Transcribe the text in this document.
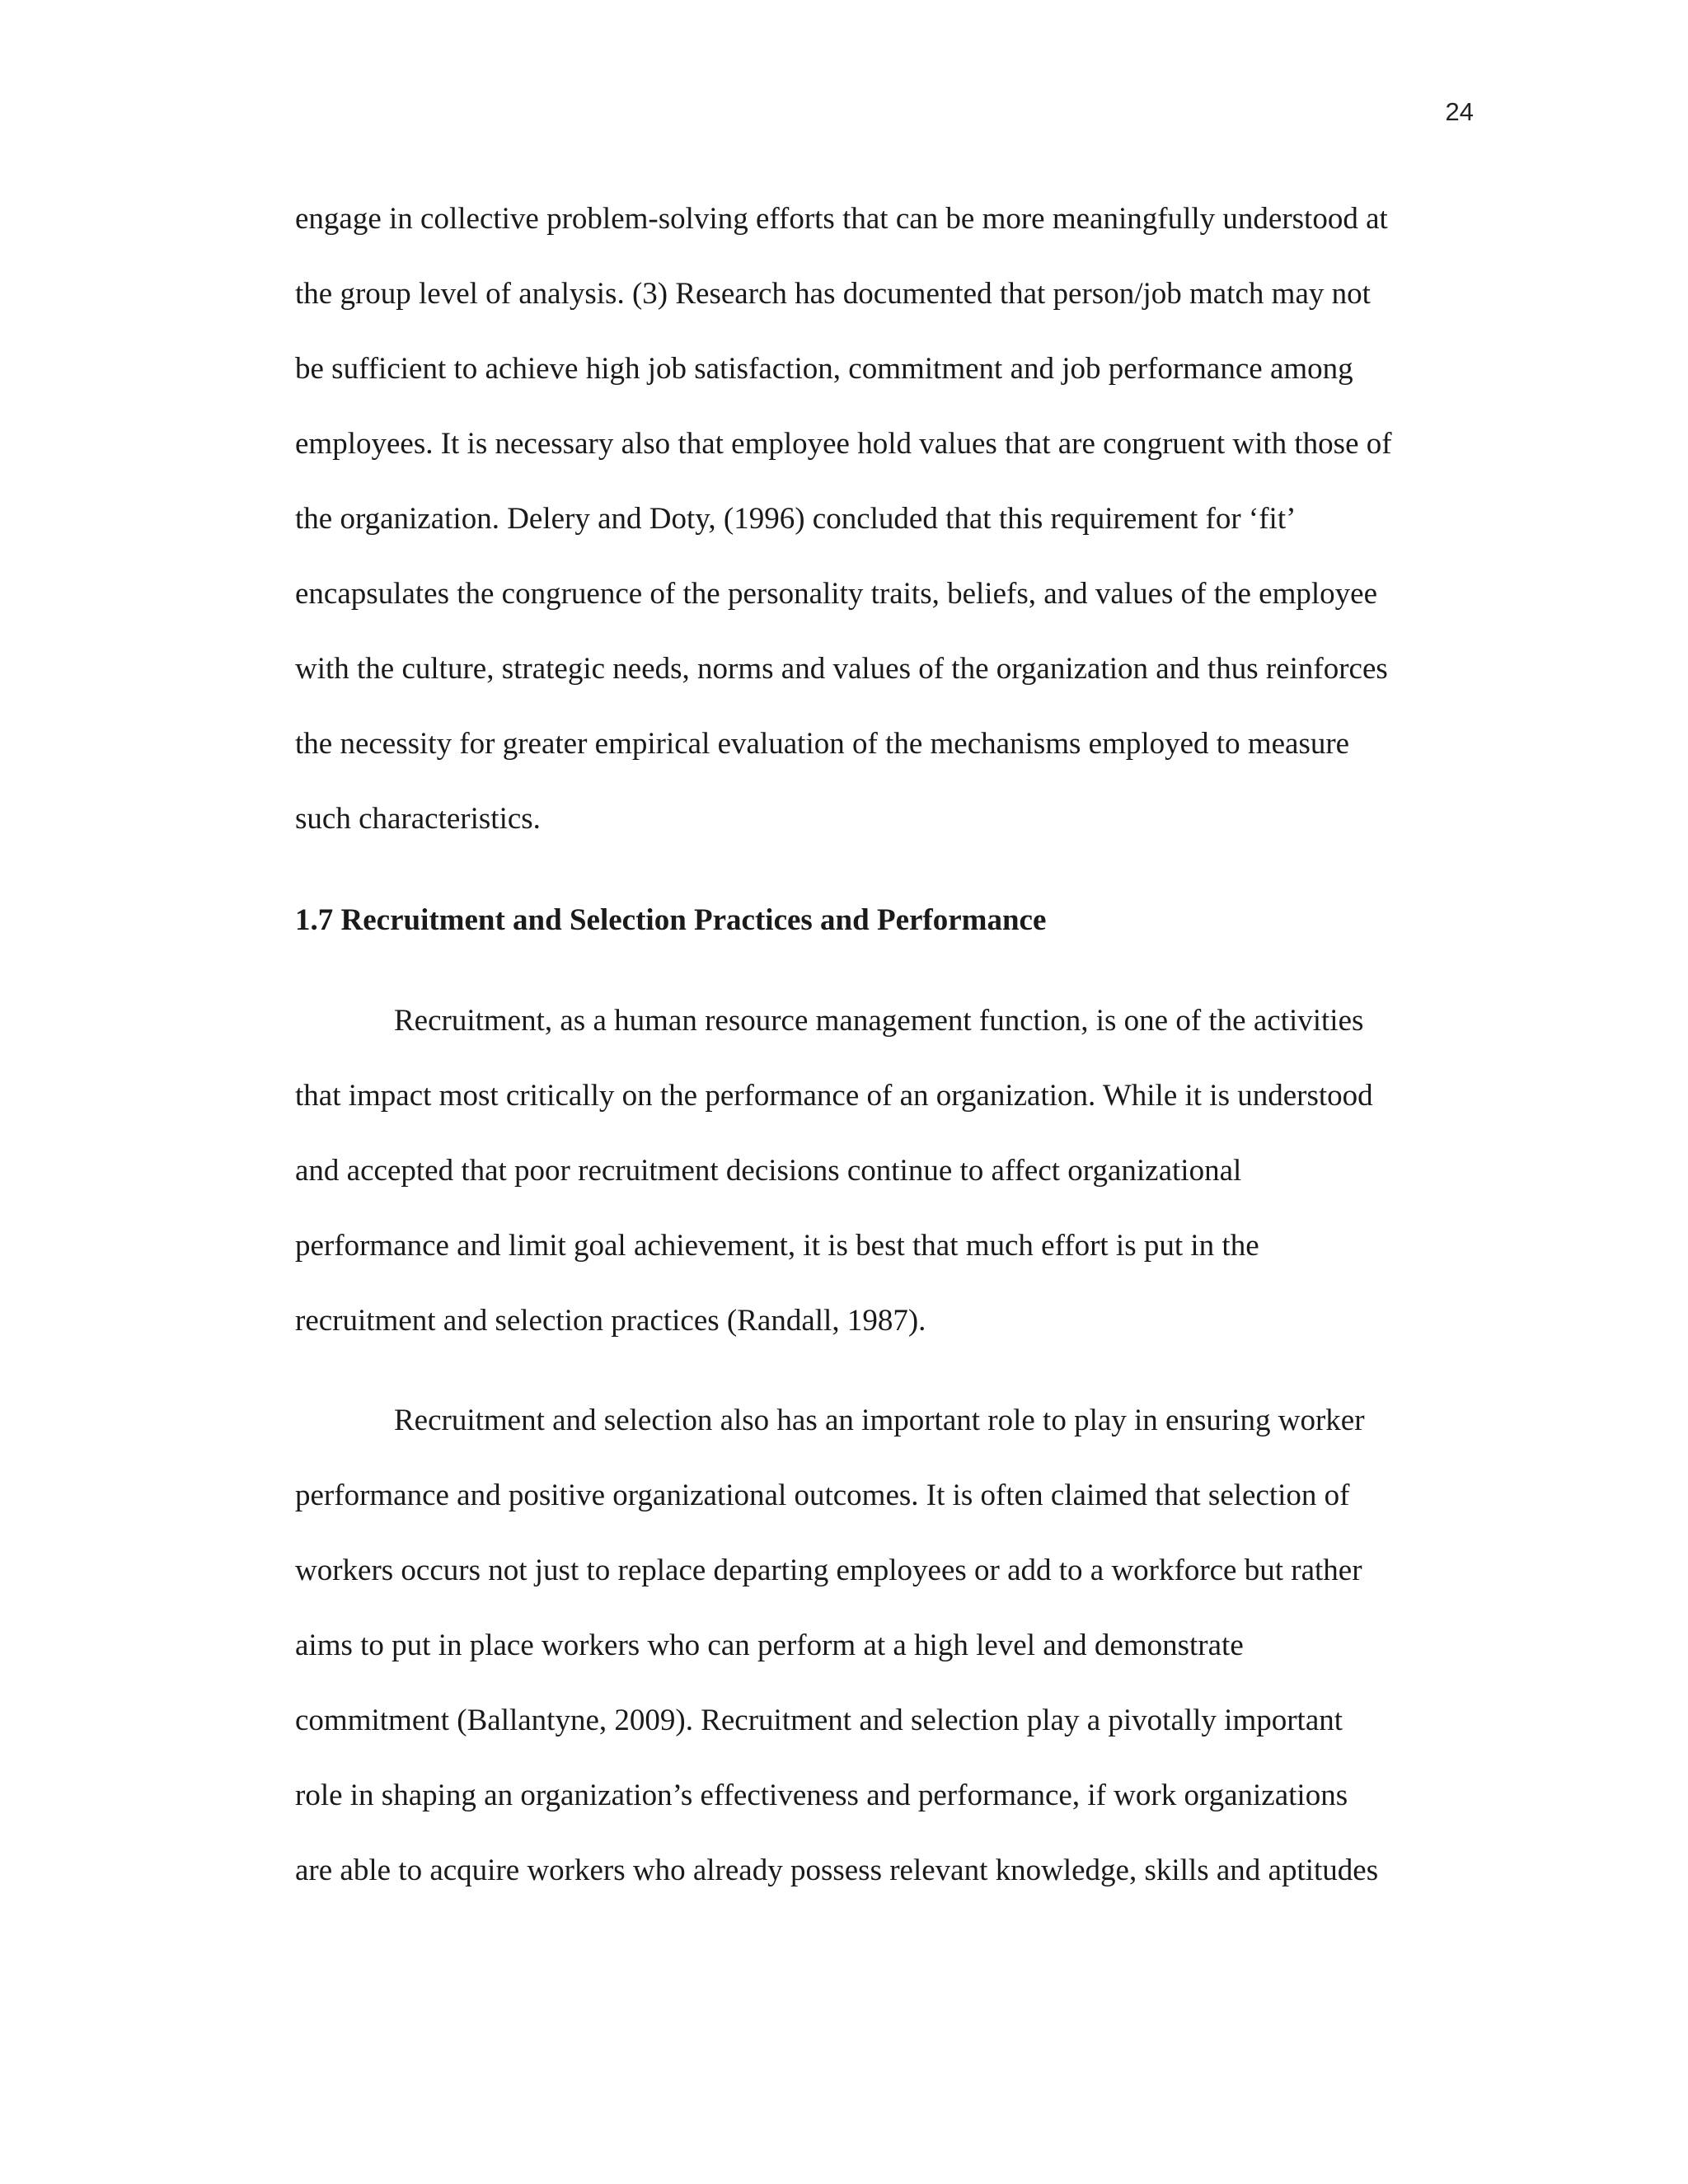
24
engage in collective problem-solving efforts that can be more meaningfully understood at
the group level of analysis. (3) Research has documented that person/job match may not
be sufficient to achieve high job satisfaction, commitment and job performance among
employees. It is necessary also that employee hold values that are congruent with those of
the organization. Delery and Doty, (1996) concluded that this requirement for ‘fit’
encapsulates the congruence of the personality traits, beliefs, and values of the employee
with the culture, strategic needs, norms and values of the organization and thus reinforces
the necessity for greater empirical evaluation of the mechanisms employed to measure
such characteristics.
1.7 Recruitment and Selection Practices and Performance
Recruitment, as a human resource management function, is one of the activities
that impact most critically on the performance of an organization. While it is understood
and accepted that poor recruitment decisions continue to affect organizational
performance and limit goal achievement, it is best that much effort is put in the
recruitment and selection practices (Randall, 1987).
Recruitment and selection also has an important role to play in ensuring worker
performance and positive organizational outcomes. It is often claimed that selection of
workers occurs not just to replace departing employees or add to a workforce but rather
aims to put in place workers who can perform at a high level and demonstrate
commitment (Ballantyne, 2009). Recruitment and selection play a pivotally important
role in shaping an organization’s effectiveness and performance, if work organizations
are able to acquire workers who already possess relevant knowledge, skills and aptitudes
